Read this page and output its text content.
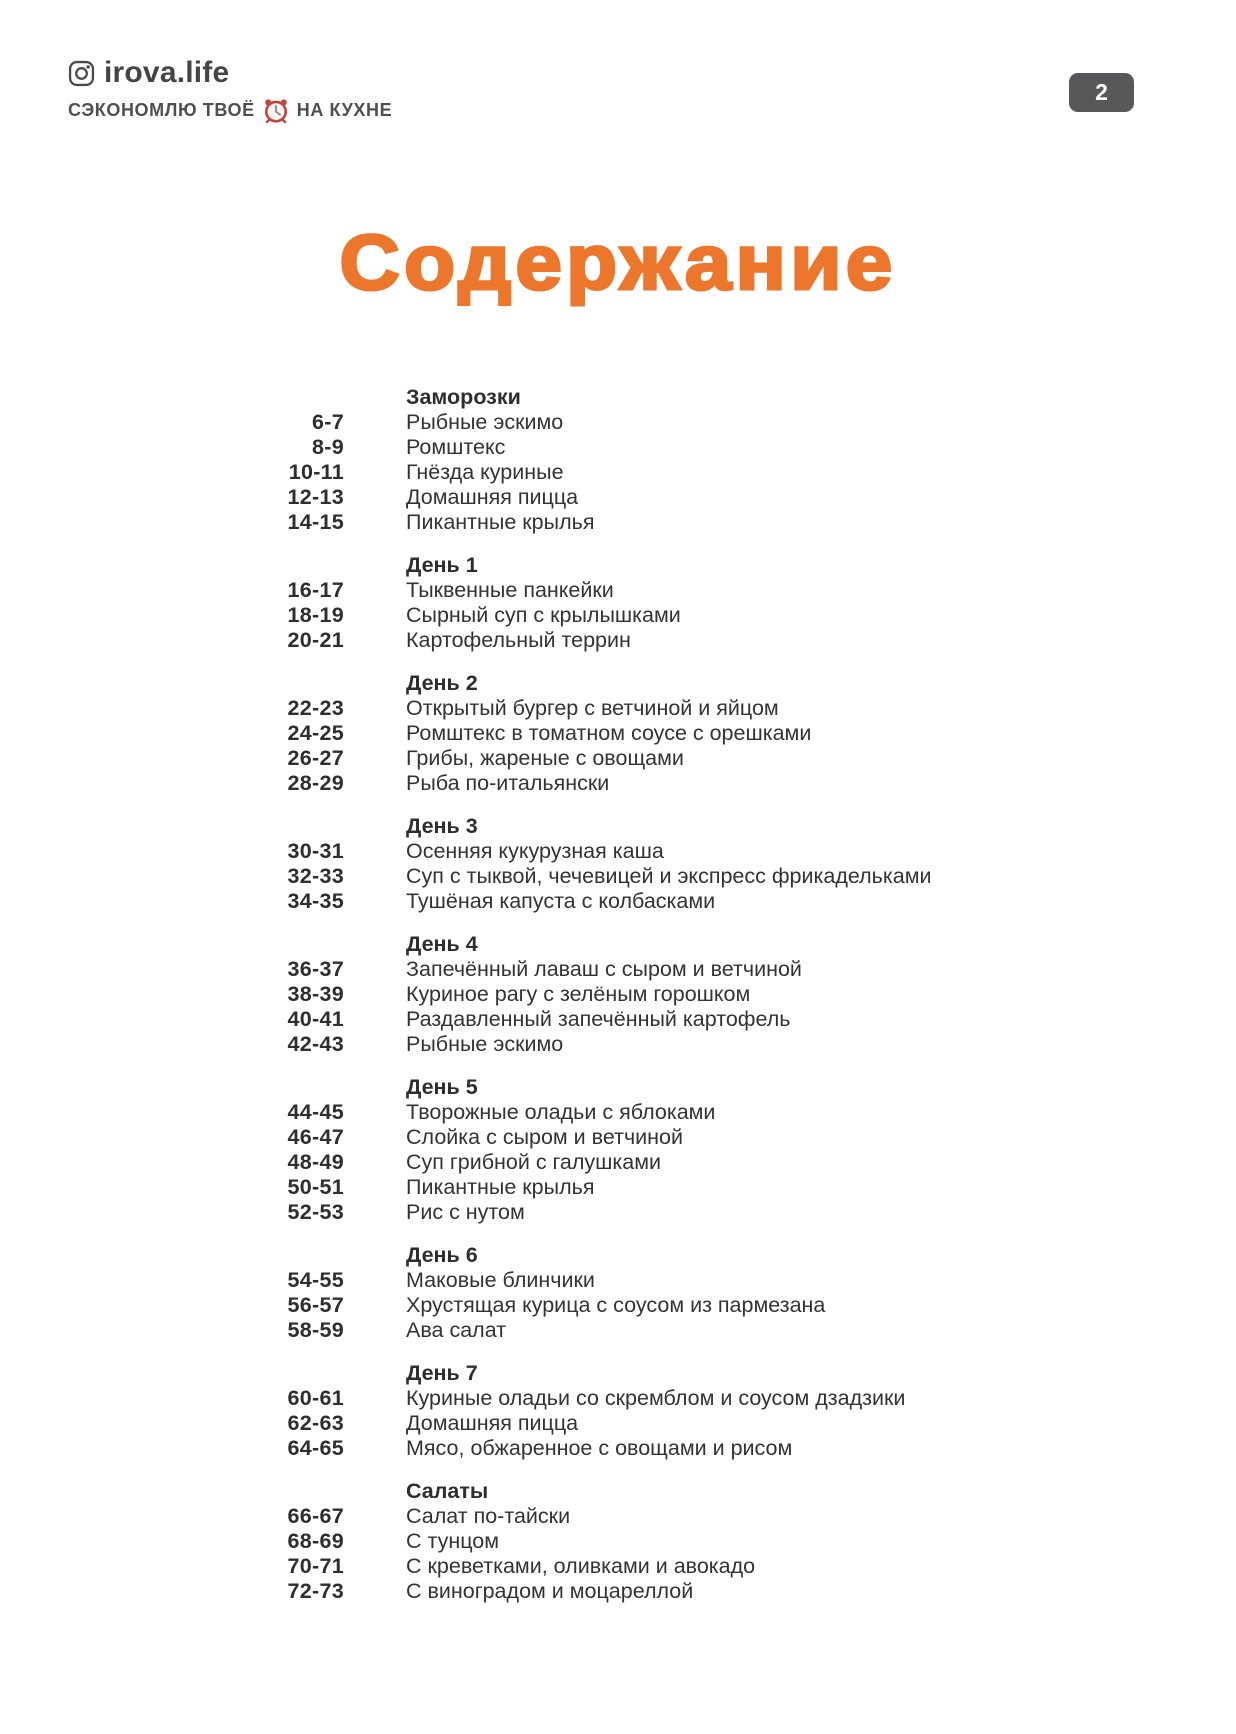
irova.life
СЭКОНОМЛЮ ТВОЁ НА КУХНЕ
2
Содержание
Заморозки
6-7	Рыбные эскимо
8-9	Ромштекс
10-11	Гнёзда куриные
12-13	Домашняя пицца
14-15	Пикантные крылья
День 1
16-17	Тыквенные панкейки
18-19	Сырный суп с крылышками
20-21	Картофельный террин
День 2
22-23	Открытый бургер с ветчиной и яйцом
24-25	Ромштекс в томатном соусе с орешками
26-27	Грибы, жареные с овощами
28-29	Рыба по-итальянски
День 3
30-31	Осенняя кукурузная каша
32-33	Суп с тыквой, чечевицей и экспресс фрикадельками
34-35	Тушёная капуста с колбасками
День 4
36-37	Запечённый лаваш с сыром и ветчиной
38-39	Куриное рагу с зелёным горошком
40-41	Раздавленный запечённый картофель
42-43	Рыбные эскимо
День 5
44-45	Творожные оладьи с яблоками
46-47	Слойка с сыром и ветчиной
48-49	Суп грибной с галушками
50-51	Пикантные крылья
52-53	Рис с нутом
День 6
54-55	Маковые блинчики
56-57	Хрустящая курица с соусом из пармезана
58-59	Ава салат
День 7
60-61	Куриные оладьи со скремблом и соусом дзадзики
62-63	Домашняя пицца
64-65	Мясо, обжаренное с овощами и рисом
Салаты
66-67	Салат по-тайски
68-69	С тунцом
70-71	С креветками, оливками и авокадо
72-73	С виноградом и моцареллой
